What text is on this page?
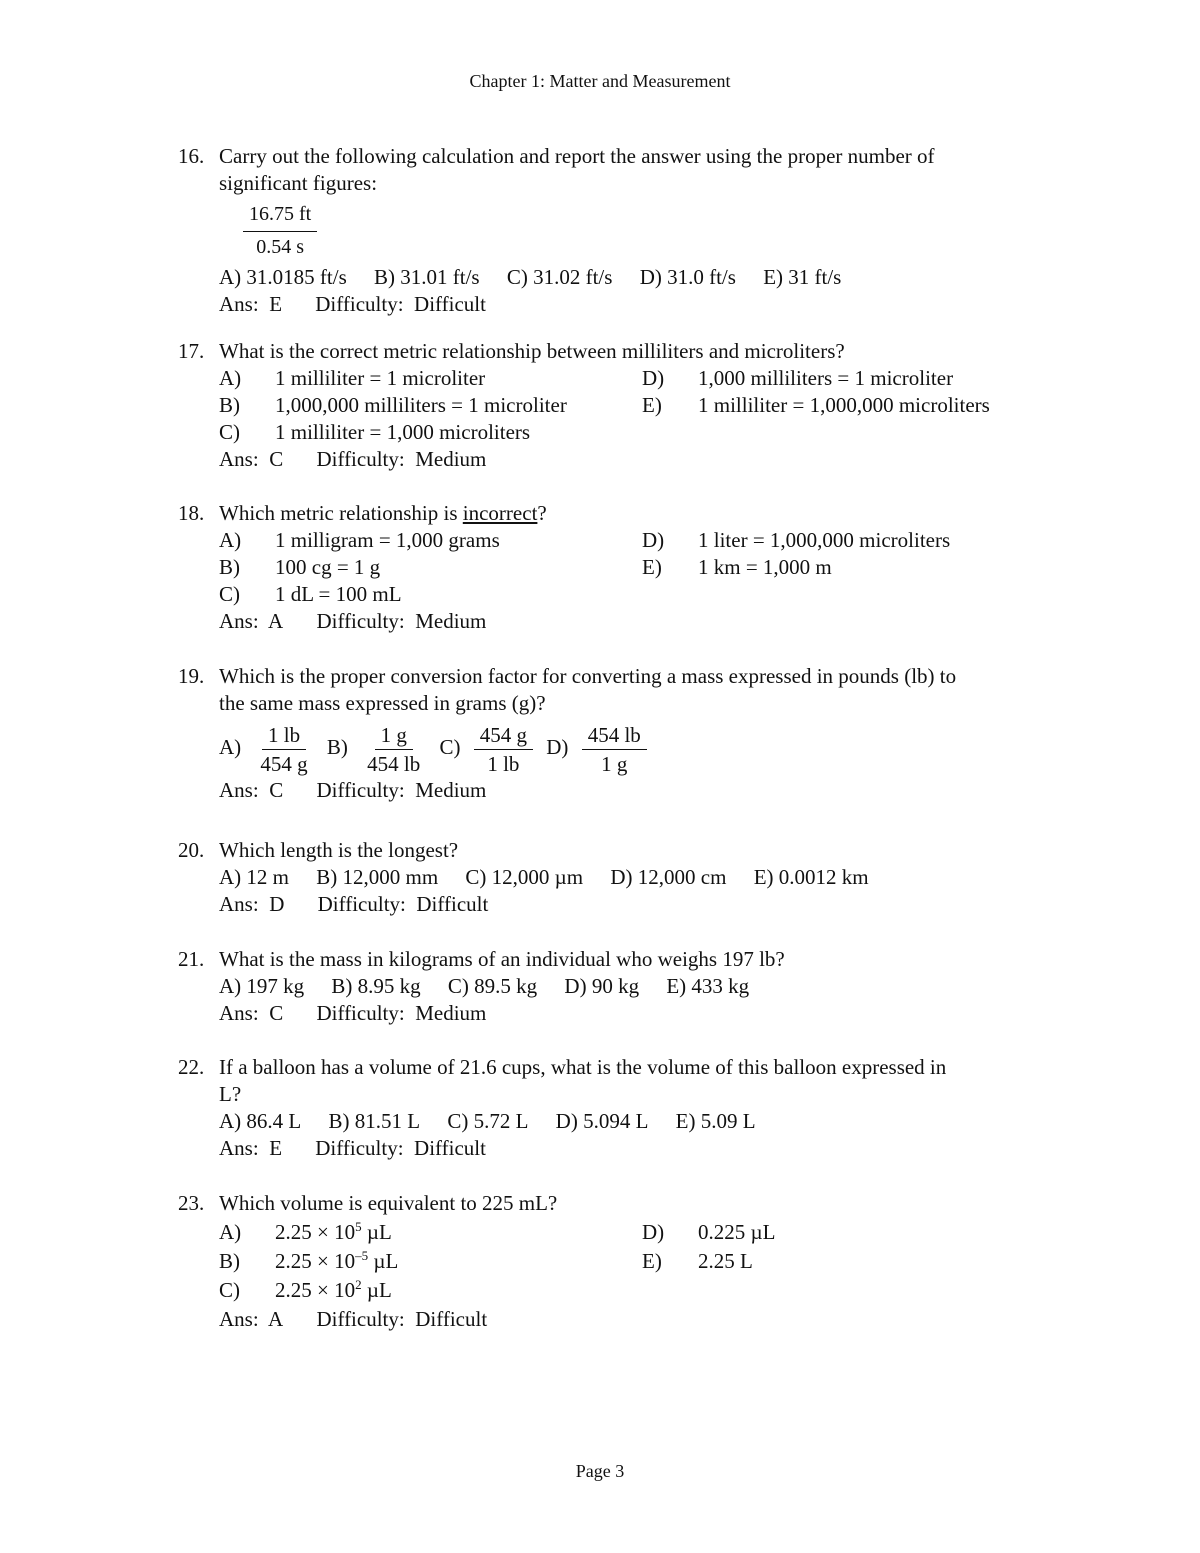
Chapter 1: Matter and Measurement
16. Carry out the following calculation and report the answer using the proper number of
significant figures:
$\frac{16.75 ft}{0.54 s}$
A) 31.0185 ft/s B) 31.01 ft/s C) 31.02 ft/s D) 31.0 ft/s E) 31 ft/s
Ans: E Difficulty: Difficult
17. What is the correct metric relationship between milliliters and microliters?
A)	1 milliliter = 1 microliter	D)	1,000 milliliters = 1 microliter
B)	1,000,000 milliliters = 1 microliter	E)	1 milliliter = 1,000,000 microliters
C)	1 milliliter = 1,000 microliters
Ans: C Difficulty: Medium
18. Which metric relationship is incorrect?
A)	1 milligram = 1,000 grams	D)	1 liter = 1,000,000 microliters
B)	100 cg = 1 g	E)	1 km = 1,000 m
C)	1 dL = 100 mL
Ans: A Difficulty: Medium
19. Which is the proper conversion factor for converting a mass expressed in pounds (lb) to
the same mass expressed in grams (g)?
$A) \frac{1 lb}{454 g} B) \frac{1 g}{454 lb} C) \frac{454 g}{1 lb} D) \frac{454 lb}{1 g}$
Ans: C Difficulty: Medium
20. Which length is the longest?
A) 12 m B) 12,000 mm C) 12,000 µm D) 12,000 cm E) 0.0012 km
Ans: D Difficulty: Difficult
21. What is the mass in kilograms of an individual who weighs 197 lb?
A) 197 kg B) 8.95 kg C) 89.5 kg D) 90 kg E) 433 kg
Ans: C Difficulty: Medium
22. If a balloon has a volume of 21.6 cups, what is the volume of this balloon expressed in
L?
A) 86.4 L B) 81.51 L C) 5.72 L D) 5.094 L E) 5.09 L
Ans: E Difficulty: Difficult
23. Which volume is equivalent to 225 mL?
A)	$2.25 \times 10^5$ µL	D)	0.225 µL
B)	$2.25 \times 10^{-5}$ µL	E)	2.25 L
C)	$2.25 \times 10^2$ µL
Ans: A Difficulty: Difficult
Page 3
